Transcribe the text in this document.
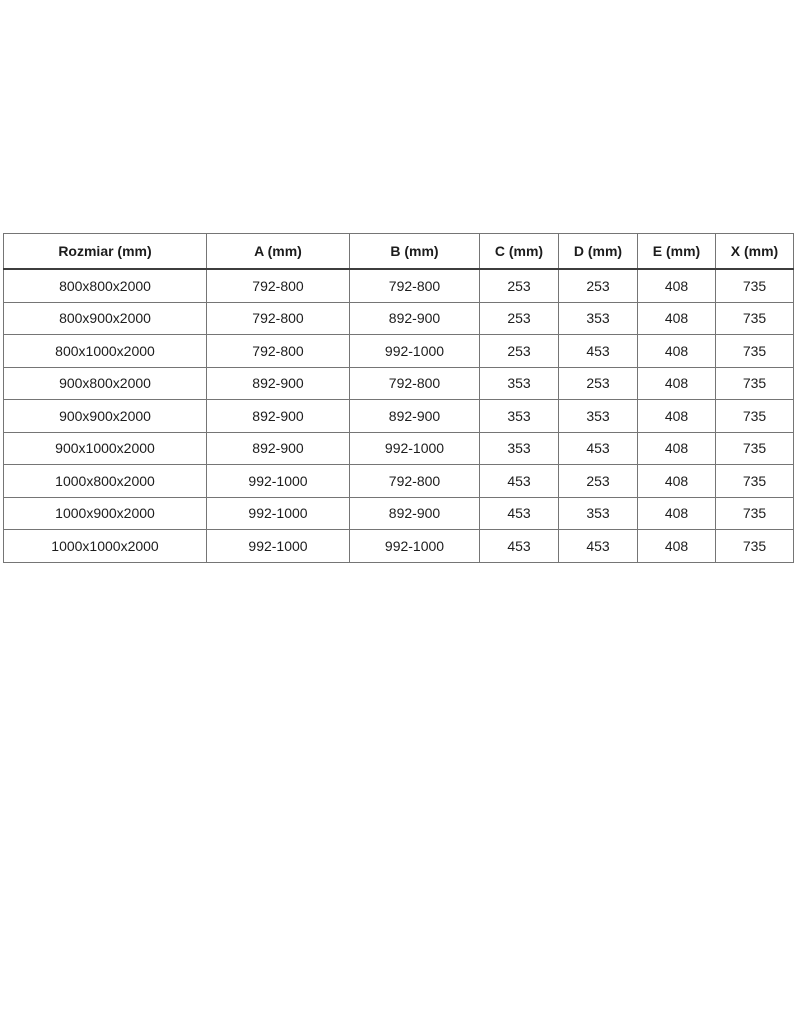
Rozmiar (mm)	A (mm)	B (mm)	C (mm)	D (mm)	E (mm)	X (mm)
800x800x2000	792-800	792-800	253	253	408	735
800x900x2000	792-800	892-900	253	353	408	735
800x1000x2000	792-800	992-1000	253	453	408	735
900x800x2000	892-900	792-800	353	253	408	735
900x900x2000	892-900	892-900	353	353	408	735
900x1000x2000	892-900	992-1000	353	453	408	735
1000x800x2000	992-1000	792-800	453	253	408	735
1000x900x2000	992-1000	892-900	453	353	408	735
1000x1000x2000	992-1000	992-1000	453	453	408	735
